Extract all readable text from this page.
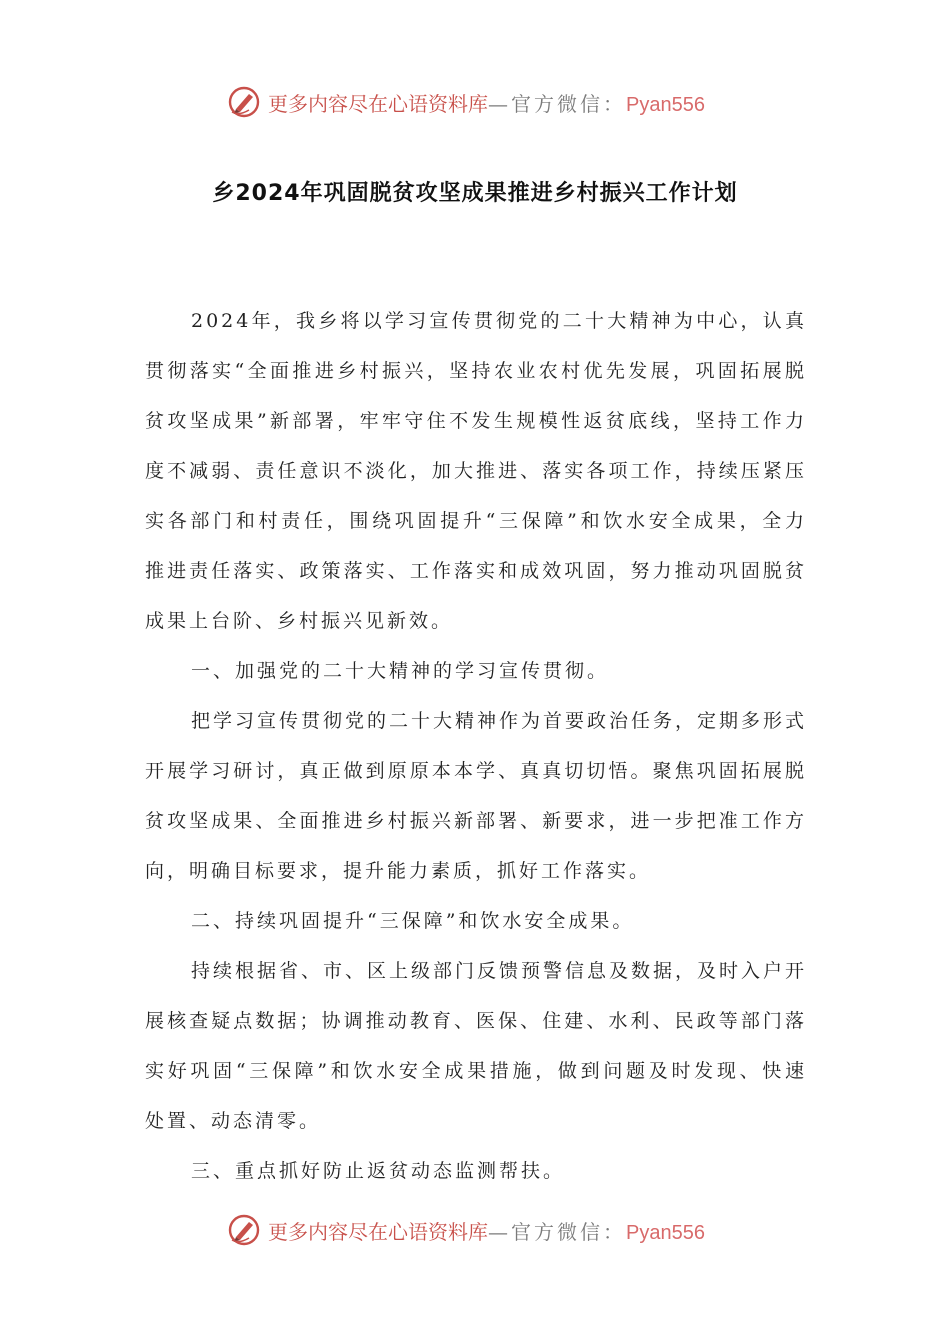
更多内容尽在心语资料库 — 官方微信： Pyan556
乡2024年巩固脱贫攻坚成果推进乡村振兴工作计划

2024年，我乡将以学习宣传贯彻党的二十大精神为中心，认真贯彻落实“全面推进乡村振兴，坚持农业农村优先发展，巩固拓展脱贫攻坚成果”新部署，牢牢守住不发生规模性返贫底线，坚持工作力度不减弱、责任意识不淡化，加大推进、落实各项工作，持续压紧压实各部门和村责任，围绕巩固提升“三保障”和饮水安全成果，全力推进责任落实、政策落实、工作落实和成效巩固，努力推动巩固脱贫成果上台阶、乡村振兴见新效。

一、加强党的二十大精神的学习宣传贯彻。

把学习宣传贯彻党的二十大精神作为首要政治任务，定期多形式开展学习研讨，真正做到原原本本学、真真切切悟。聚焦巩固拓展脱贫攻坚成果、全面推进乡村振兴新部署、新要求，进一步把准工作方向，明确目标要求，提升能力素质，抓好工作落实。

二、持续巩固提升“三保障”和饮水安全成果。

持续根据省、市、区上级部门反馈预警信息及数据，及时入户开展核查疑点数据；协调推动教育、医保、住建、水利、民政等部门落实好巩固“三保障”和饮水安全成果措施，做到问题及时发现、快速处置、动态清零。

三、重点抓好防止返贫动态监测帮扶。

更多内容尽在心语资料库 — 官方微信： Pyan556
